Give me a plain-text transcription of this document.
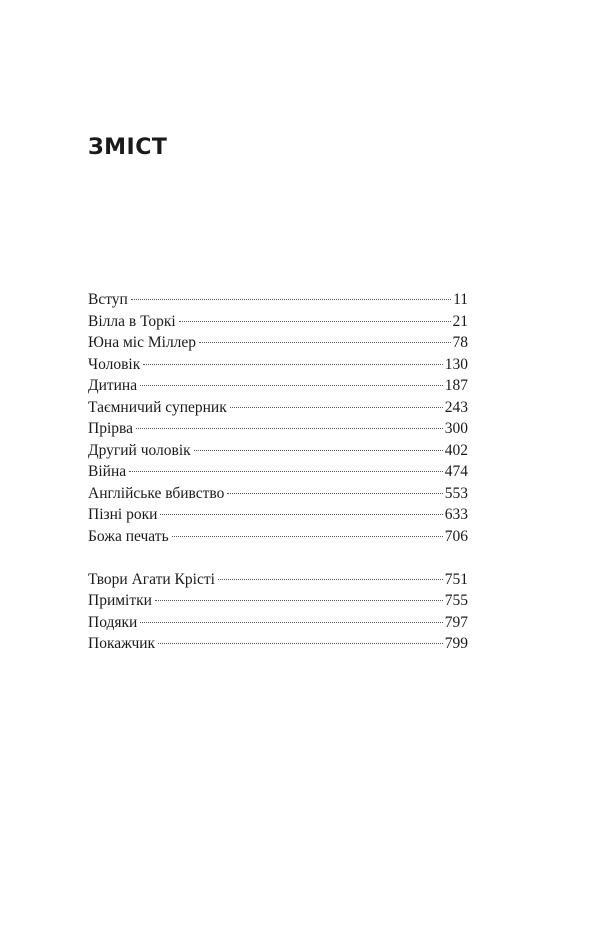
ЗМІСТ
Вступ	11
Вілла в Торкі	21
Юна міс Міллер	78
Чоловік	130
Дитина	187
Таємничий суперник	243
Прірва	300
Другий чоловік	402
Війна	474
Англійське вбивство	553
Пізні роки	633
Божа печать	706
Твори Агати Крісті	751
Примітки	755
Подяки	797
Покажчик	799
